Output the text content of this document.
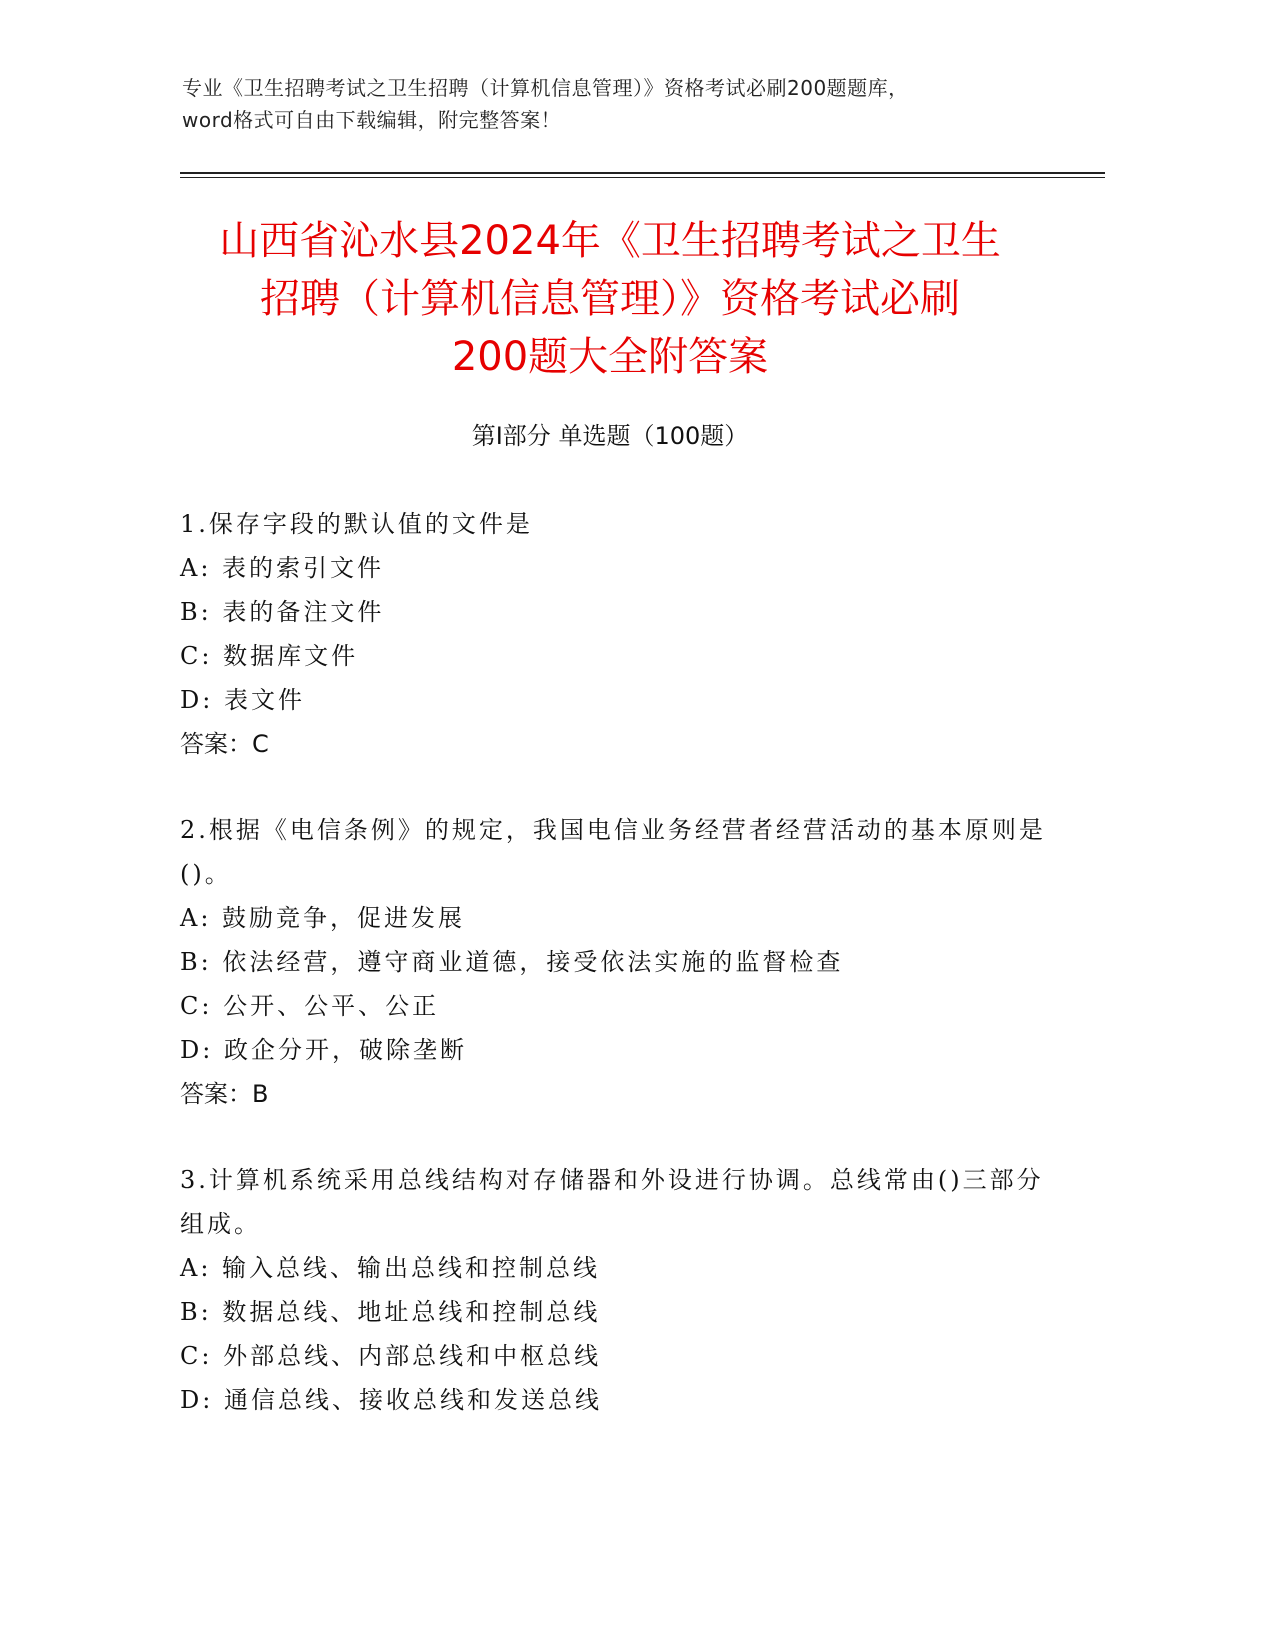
专业《卫生招聘考试之卫生招聘（计算机信息管理）》资格考试必刷200题题库，
word格式可自由下载编辑，附完整答案！
山西省沁水县2024年《卫生招聘考试之卫生
招聘（计算机信息管理）》资格考试必刷
200题大全附答案
第I部分 单选题（100题）

1.保存字段的默认值的文件是

A: 表的索引文件

B: 表的备注文件

C: 数据库文件

D: 表文件

答案：C

2.根据《电信条例》的规定，我国电信业务经营者经营活动的基本原则是()。

A: 鼓励竞争，促进发展

B: 依法经营，遵守商业道德，接受依法实施的监督检查

C: 公开、公平、公正

D: 政企分开，破除垄断

答案：B

3.计算机系统采用总线结构对存储器和外设进行协调。总线常由()三部分组成。

A: 输入总线、输出总线和控制总线

B: 数据总线、地址总线和控制总线

C: 外部总线、内部总线和中枢总线

D: 通信总线、接收总线和发送总线
